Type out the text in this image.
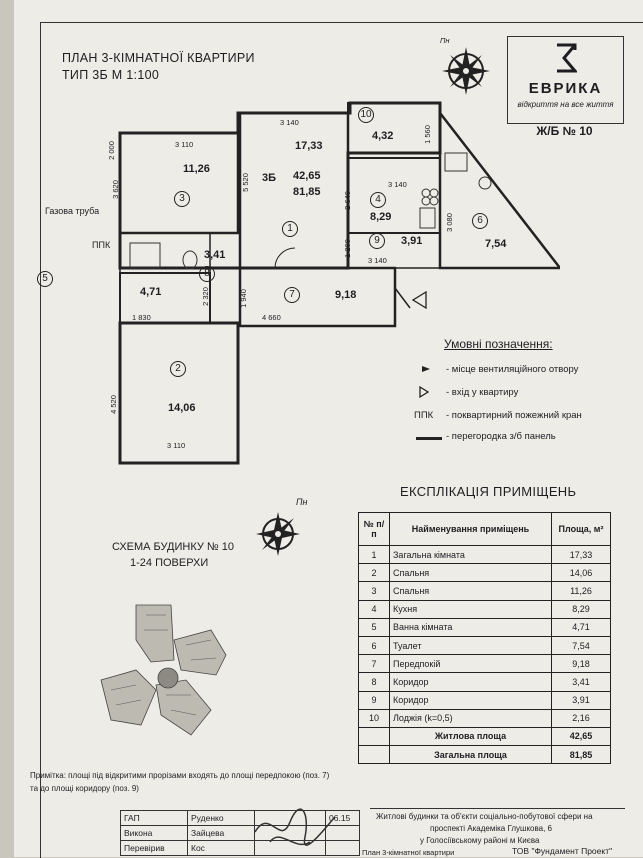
ПЛАН 3-КІМНАТНОЇ КВАРТИРИ
ТИП 3Б М 1:100
Пн
ЕВРИКА
відкриття на все життя
Ж/Б № 10
3 140
3 110
2 000
3 620	5 520
1 560
2 640
3 140
3 080
1 200
3 140
1 940
2 320
1 830	4 660
4 520
3 110
Газова труба
ППК
5
17,33
3Б 42,65
81,85
1
11,26
3
10
4,32
4
8,29
9	3,91
6
7,54
3,41
8
4,71	7	9,18
2
14,06
Умовні позначення:
- місце вентиляційного отвору
- вхід у квартиру
ППК - поквартирний пожежний кран
- перегородка з/б панель
ЕКСПЛІКАЦІЯ ПРИМІЩЕНЬ
Пн
СХЕМА БУДИНКУ № 10
1-24 ПОВЕРХИ
№ п/п	Найменування приміщень	Площа, м²
1	Загальна кімната	17,33
2	Спальня	14,06
3	Спальня	11,26
4	Кухня	8,29
5	Ванна кімната	4,71
6	Туалет	7,54
7	Передпокій	9,18
8	Коридор	3,41
9	Коридор	3,91
10	Лоджія (k=0,5)	2,16
	Житлова площа	42,65
	Загальна площа	81,85
Примітка: площі під відкритими прорізами входять до площі передпокою (поз. 7)
та до площі коридору (поз. 9)
ГАП	Руденко		06.15
Викона	Зайцева		
Перевірив	Кос		
Житлові будинки та об'єкти соціально-побутової сфери на
проспекті Академіка Глушкова, 6
у Голосіївському районі м Києва
План 3-кімнатної квартири	ТОВ "Фундамент Проект"
